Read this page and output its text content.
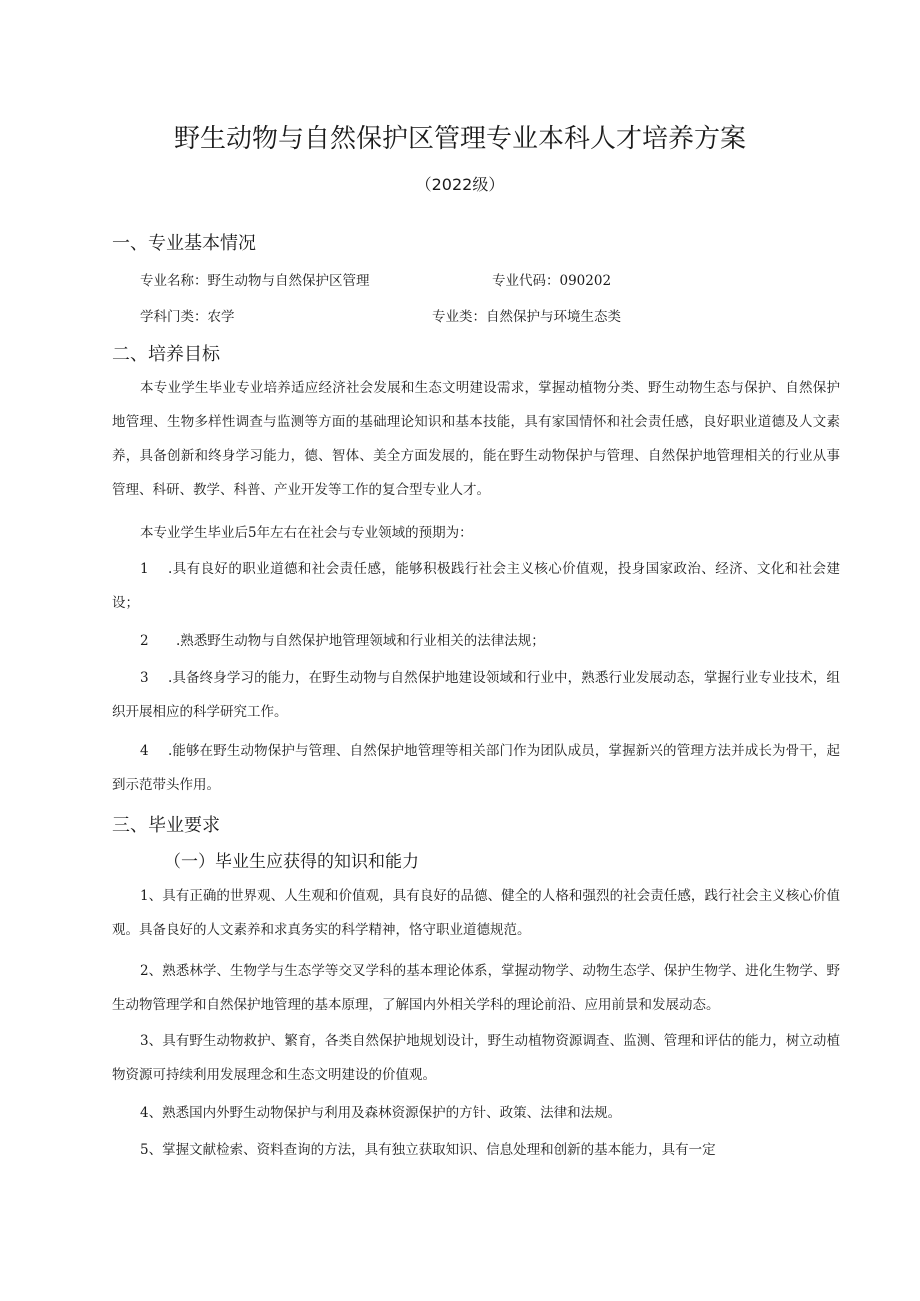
野生动物与自然保护区管理专业本科人才培养方案
（2022级）
一、专业基本情况
专业名称：野生动物与自然保护区管理	专业代码：090202
学科门类：农学	专业类：自然保护与环境生态类
二、培养目标
本专业学生毕业专业培养适应经济社会发展和生态文明建设需求，掌握动植物分类、野生动物生态与保护、自然保护地管理、生物多样性调查与监测等方面的基础理论知识和基本技能，具有家国情怀和社会责任感，良好职业道德及人文素养，具备创新和终身学习能力，德、智体、美全方面发展的，能在野生动物保护与管理、自然保护地管理相关的行业从事管理、科研、教学、科普、产业开发等工作的复合型专业人才。
本专业学生毕业后5年左右在社会与专业领域的预期为：
1 .具有良好的职业道德和社会责任感，能够积极践行社会主义核心价值观，投身国家政治、经济、文化和社会建设；
2 .熟悉野生动物与自然保护地管理领域和行业相关的法律法规；
3 .具备终身学习的能力，在野生动物与自然保护地建设领域和行业中，熟悉行业发展动态，掌握行业专业技术，组织开展相应的科学研究工作。
4 .能够在野生动物保护与管理、自然保护地管理等相关部门作为团队成员，掌握新兴的管理方法并成长为骨干，起到示范带头作用。
三、毕业要求
（一）毕业生应获得的知识和能力
1、具有正确的世界观、人生观和价值观，具有良好的品德、健全的人格和强烈的社会责任感，践行社会主义核心价值观。具备良好的人文素养和求真务实的科学精神，恪守职业道德规范。
2、熟悉林学、生物学与生态学等交叉学科的基本理论体系，掌握动物学、动物生态学、保护生物学、进化生物学、野生动物管理学和自然保护地管理的基本原理，了解国内外相关学科的理论前沿、应用前景和发展动态。
3、具有野生动物救护、繁育，各类自然保护地规划设计，野生动植物资源调查、监测、管理和评估的能力，树立动植物资源可持续利用发展理念和生态文明建设的价值观。
4、熟悉国内外野生动物保护与利用及森林资源保护的方针、政策、法律和法规。
5、掌握文献检索、资料查询的方法，具有独立获取知识、信息处理和创新的基本能力，具有一定
